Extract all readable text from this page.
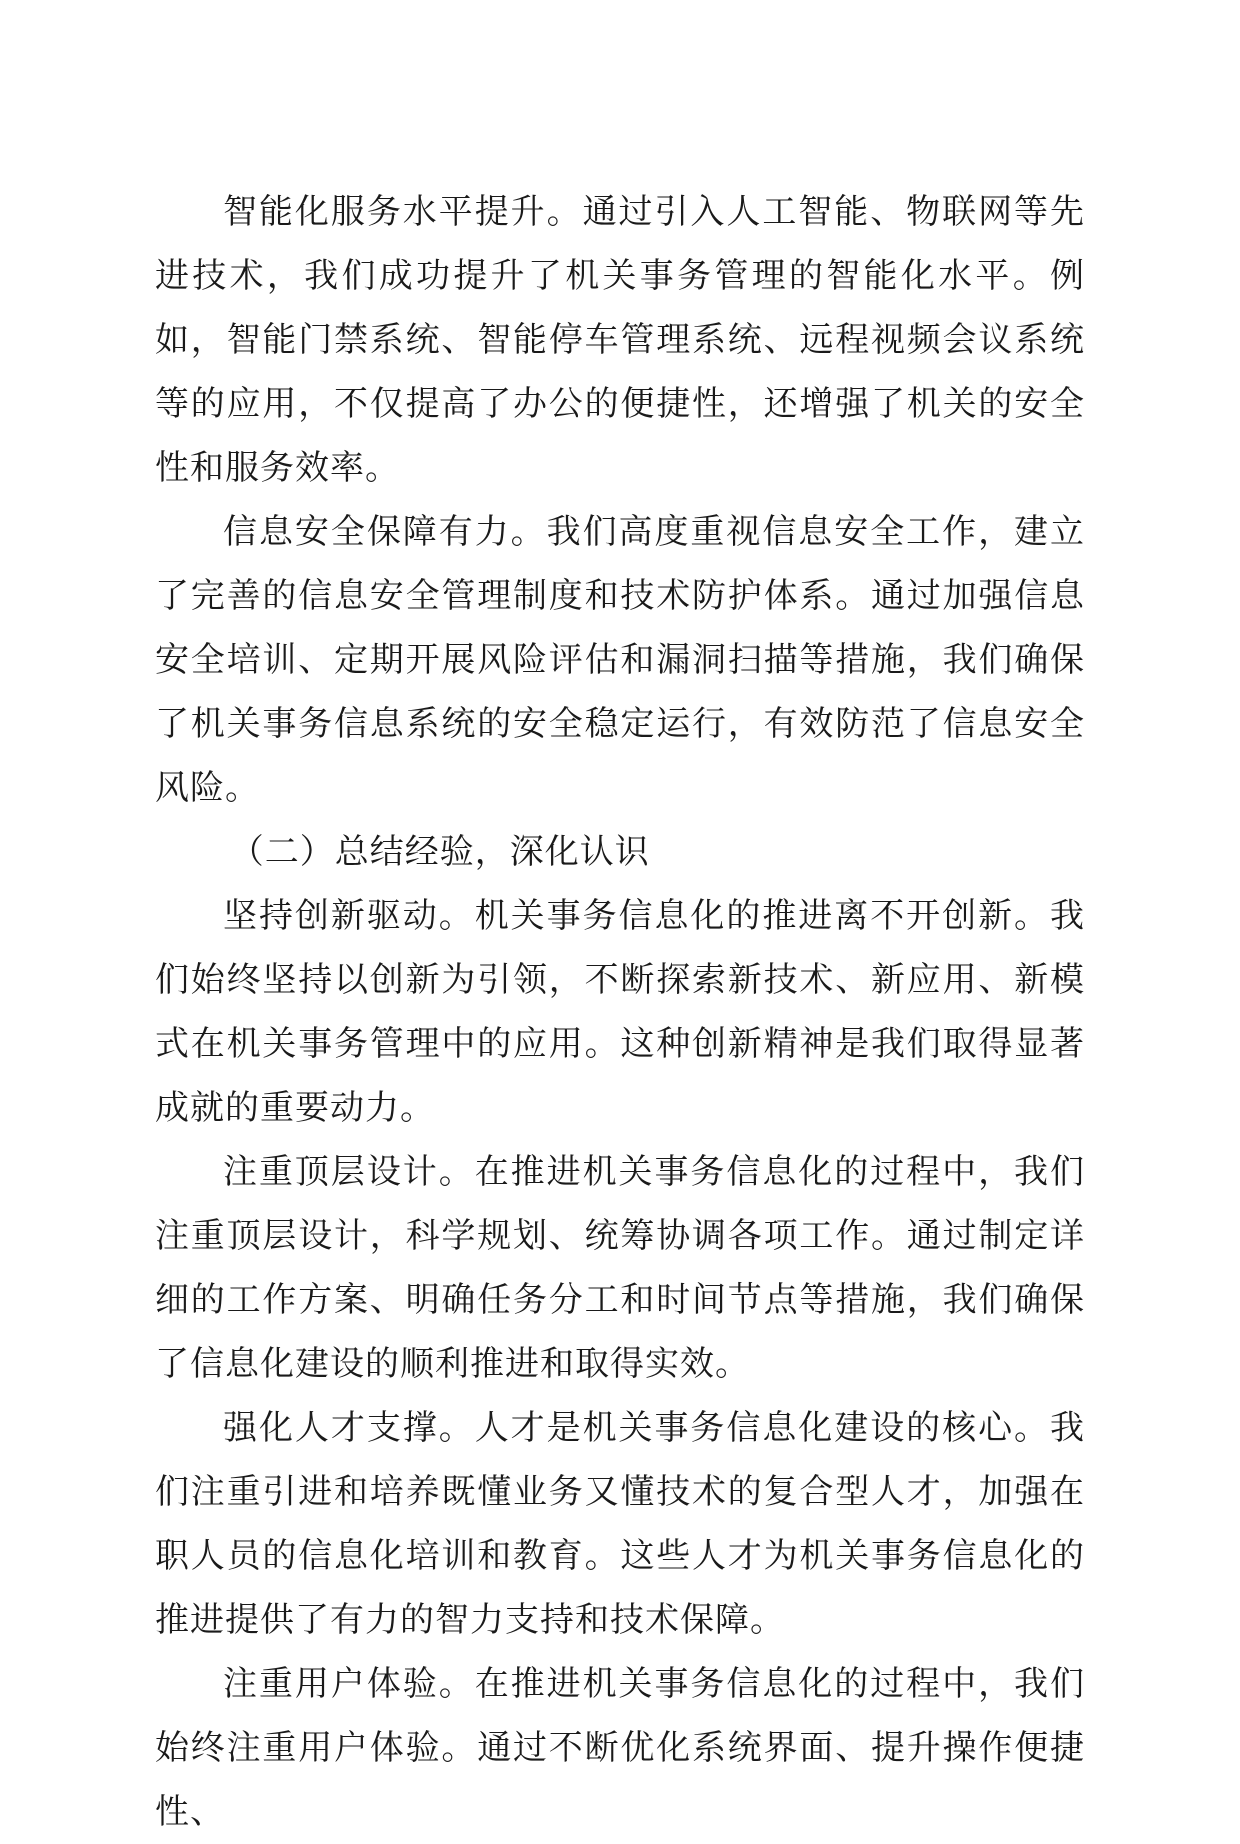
智能化服务水平提升。通过引入人工智能、物联网等先进技术，我们成功提升了机关事务管理的智能化水平。例如，智能门禁系统、智能停车管理系统、远程视频会议系统等的应用，不仅提高了办公的便捷性，还增强了机关的安全性和服务效率。

信息安全保障有力。我们高度重视信息安全工作，建立了完善的信息安全管理制度和技术防护体系。通过加强信息安全培训、定期开展风险评估和漏洞扫描等措施，我们确保了机关事务信息系统的安全稳定运行，有效防范了信息安全风险。

（二）总结经验，深化认识

坚持创新驱动。机关事务信息化的推进离不开创新。我们始终坚持以创新为引领，不断探索新技术、新应用、新模式在机关事务管理中的应用。这种创新精神是我们取得显著成就的重要动力。

注重顶层设计。在推进机关事务信息化的过程中，我们注重顶层设计，科学规划、统筹协调各项工作。通过制定详细的工作方案、明确任务分工和时间节点等措施，我们确保了信息化建设的顺利推进和取得实效。

强化人才支撑。人才是机关事务信息化建设的核心。我们注重引进和培养既懂业务又懂技术的复合型人才，加强在职人员的信息化培训和教育。这些人才为机关事务信息化的推进提供了有力的智力支持和技术保障。

注重用户体验。在推进机关事务信息化的过程中，我们始终注重用户体验。通过不断优化系统界面、提升操作便捷性、
